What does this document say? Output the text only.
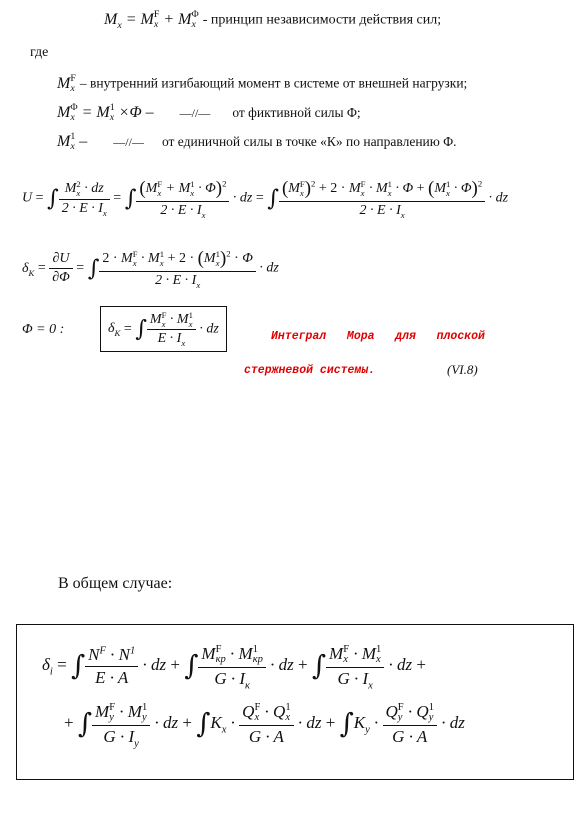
$M_x = M$ F
x + M Φ
x - принцип независимости действия сил;
где
M F
x – внутренний изгибающий момент в системе от внешней нагрузки;
M Φ
x = M 1
x ×Φ – —//— от фиктивной силы Φ;
M 1
x – —//— от единичной силы в точке «К» по направлению Φ.
U = ∫ M 2
x · dz
$2 \cdot E \cdot I_x$ = ∫ (M F
x + M 1
x · Φ)$^2$
$2 \cdot E \cdot I_x$ · dz = ∫ (M F
x )$^2$ + 2 · M F
x · M 1
x · Φ + (M 1
x · Φ)$^2$
$2 \cdot E \cdot I_x$ · dz
$\delta_K = \frac{\partial U}{\partial\Phi}$ = ∫ 2 · M F
x · M 1
x + 2 · (M 1
x )$^2$ · Φ
$2 \cdot E \cdot I_x$ · dz
Φ = 0 :	$\delta_K$ = ∫ M F
x · M 1
x
$E \cdot I_x$ · dz
Интеграл   Мора   для   плоской
стержневой системы.	(VI.8)
В общем случае:
$\delta_i$ = ∫ $\frac{N^F \cdot N^1}{E \cdot A}$ · dz + ∫ M F
кр · M 1
кр
$G \cdot I_к$ · dz + ∫ M F
x · M 1
x
$G \cdot I_x$ · dz +
+ ∫ M F
y · M 1
y
$G \cdot I_y$ · dz + $\int K_x \cdot Q$ F
x · Q 1
x
G · A · dz + $\int K_y \cdot Q$ F
y · Q 1
y
G · A · dz
